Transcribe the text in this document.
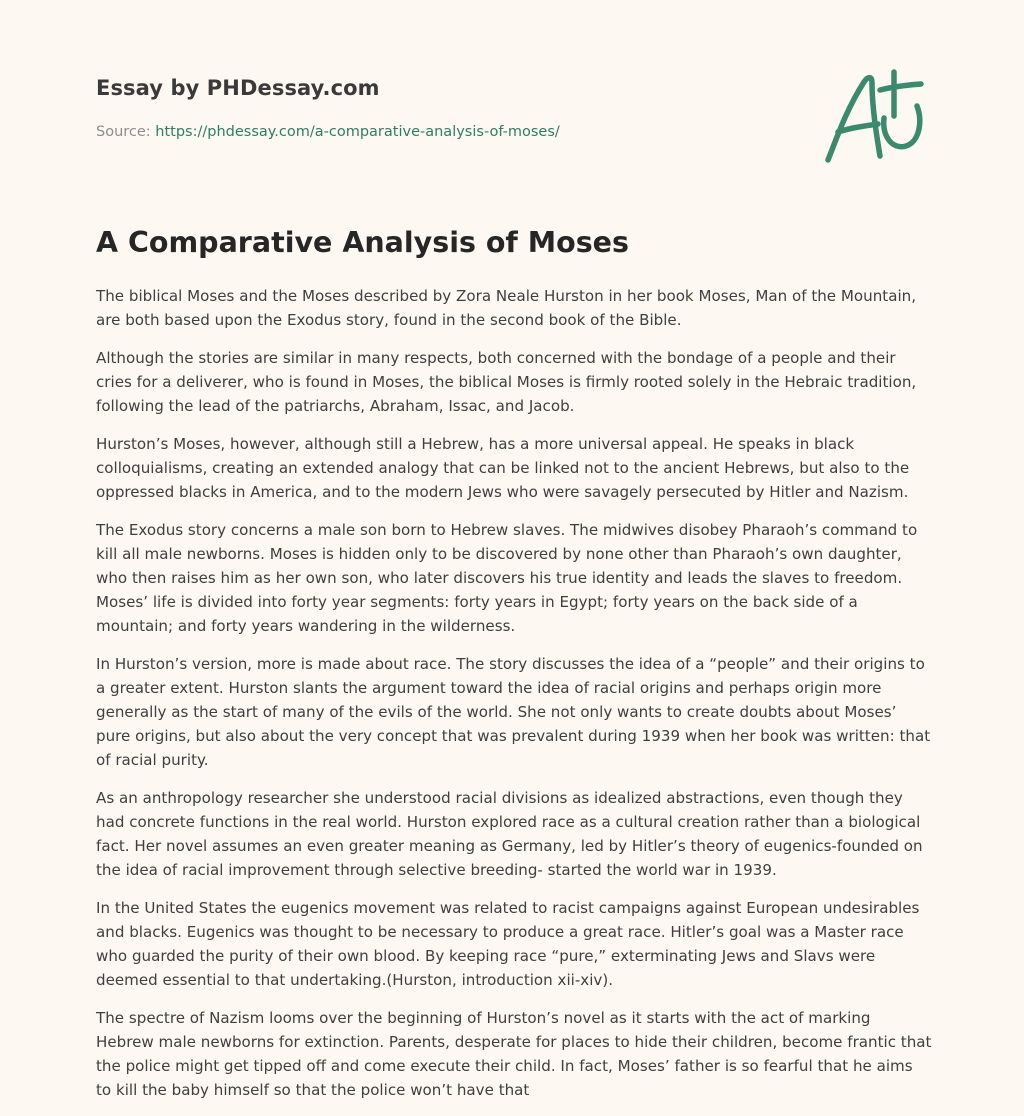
Essay by PHDessay.com
Source: https://phdessay.com/a-comparative-analysis-of-moses/
A Comparative Analysis of Moses

The biblical Moses and the Moses described by Zora Neale Hurston in her book Moses, Man of the Mountain, are both based upon the Exodus story, found in the second book of the Bible.

Although the stories are similar in many respects, both concerned with the bondage of a people and their cries for a deliverer, who is found in Moses, the biblical Moses is firmly rooted solely in the Hebraic tradition, following the lead of the patriarchs, Abraham, Issac, and Jacob.

Hurston’s Moses, however, although still a Hebrew, has a more universal appeal. He speaks in black colloquialisms, creating an extended analogy that can be linked not to the ancient Hebrews, but also to the oppressed blacks in America, and to the modern Jews who were savagely persecuted by Hitler and Nazism.

The Exodus story concerns a male son born to Hebrew slaves. The midwives disobey Pharaoh’s command to kill all male newborns. Moses is hidden only to be discovered by none other than Pharaoh’s own daughter, who then raises him as her own son, who later discovers his true identity and leads the slaves to freedom. Moses’ life is divided into forty year segments: forty years in Egypt; forty years on the back side of a mountain; and forty years wandering in the wilderness.

In Hurston’s version, more is made about race. The story discusses the idea of a “people” and their origins to a greater extent. Hurston slants the argument toward the idea of racial origins and perhaps origin more generally as the start of many of the evils of the world. She not only wants to create doubts about Moses’ pure origins, but also about the very concept that was prevalent during 1939 when her book was written: that of racial purity.

As an anthropology researcher she understood racial divisions as idealized abstractions, even though they had concrete functions in the real world. Hurston explored race as a cultural creation rather than a biological fact. Her novel assumes an even greater meaning as Germany, led by Hitler’s theory of eugenics-founded on the idea of racial improvement through selective breeding- started the world war in 1939.

In the United States the eugenics movement was related to racist campaigns against European undesirables and blacks. Eugenics was thought to be necessary to produce a great race. Hitler’s goal was a Master race who guarded the purity of their own blood. By keeping race “pure,” exterminating Jews and Slavs were deemed essential to that undertaking.(Hurston, introduction xii-xiv).

The spectre of Nazism looms over the beginning of Hurston’s novel as it starts with the act of marking Hebrew male newborns for extinction. Parents, desperate for places to hide their children, become frantic that the police might get tipped off and come execute their child. In fact, Moses’ father is so fearful that he aims to kill the baby himself so that the police won’t have that
